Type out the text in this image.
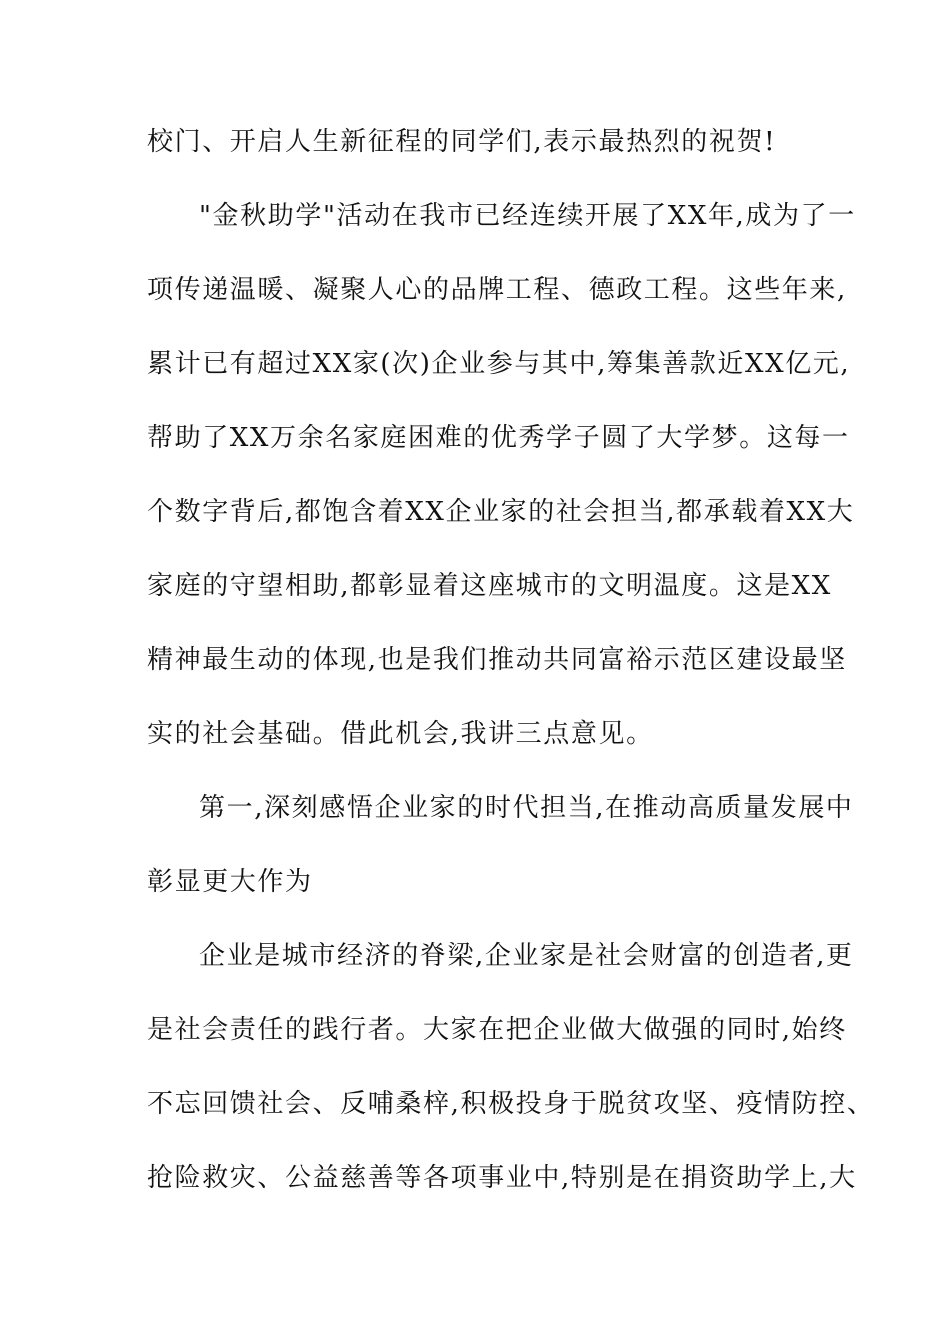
校门、开启人生新征程的同学们,表示最热烈的祝贺!
"金秋助学"活动在我市已经连续开展了XX年,成为了一
项传递温暖、凝聚人心的品牌工程、德政工程。这些年来,
累计已有超过XX家(次)企业参与其中,筹集善款近XX亿元,
帮助了XX万余名家庭困难的优秀学子圆了大学梦。这每一
个数字背后,都饱含着XX企业家的社会担当,都承载着XX大
家庭的守望相助,都彰显着这座城市的文明温度。这是XX
精神最生动的体现,也是我们推动共同富裕示范区建设最坚
实的社会基础。借此机会,我讲三点意见。
第一,深刻感悟企业家的时代担当,在推动高质量发展中
彰显更大作为
企业是城市经济的脊梁,企业家是社会财富的创造者,更
是社会责任的践行者。大家在把企业做大做强的同时,始终
不忘回馈社会、反哺桑梓,积极投身于脱贫攻坚、疫情防控、
抢险救灾、公益慈善等各项事业中,特别是在捐资助学上,大
